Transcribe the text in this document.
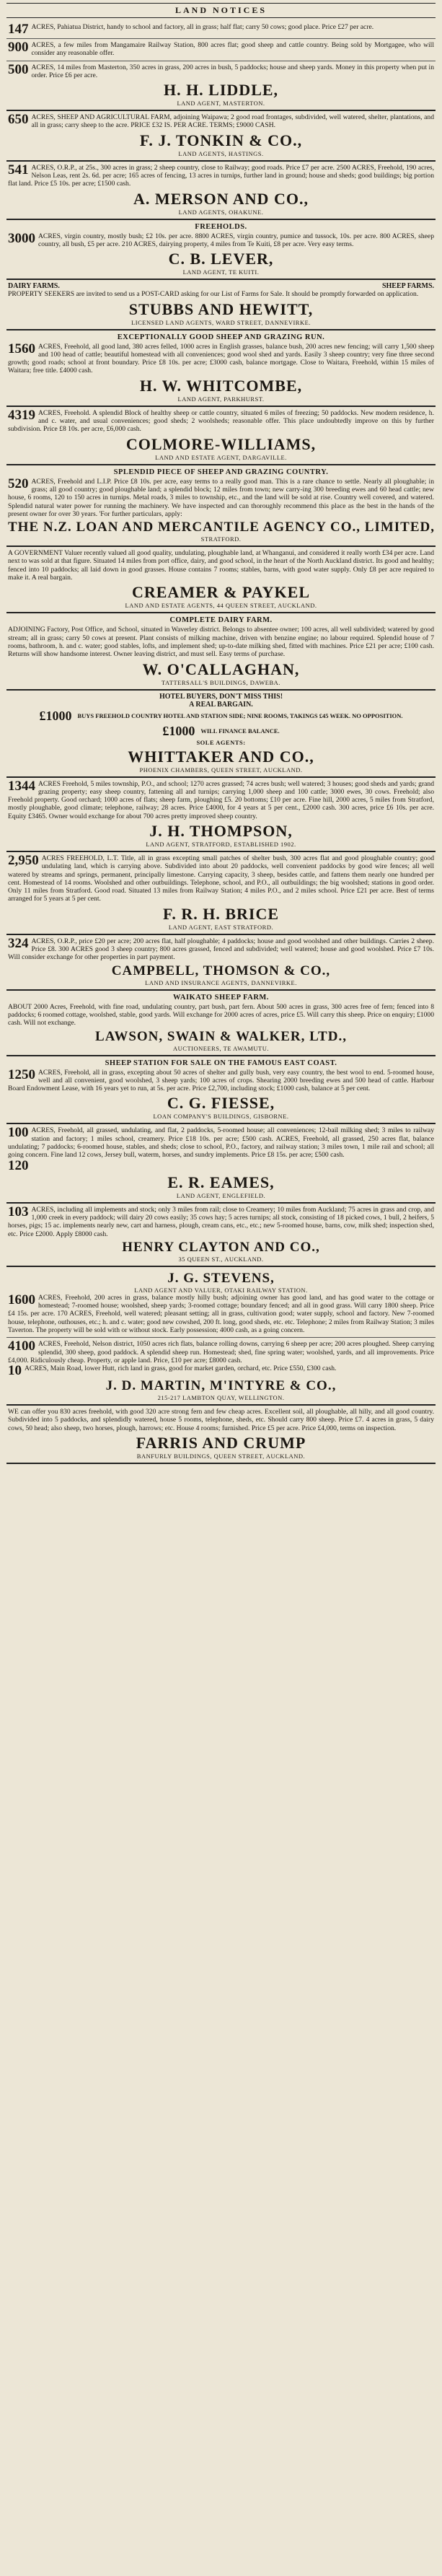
LAND NOTICES
147 ACRES, Pahiatua District, handy to school and factory, all in grass; half flat; carry 50 cows; good place. Price £27 per acre.
900 ACRES, a few miles from Mangamaire Railway Station, 800 acres flat; good sheep and cattle country. Being sold by Mortgagee, who will consider any reasonable offer.
500 ACRES, 14 miles from Masterton, 350 acres in grass, 200 acres in bush, 5 paddocks; house and sheep yards. Money in this property when put in order. Price £6 per acre.
H. H. LIDDLE,
LAND AGENT, MASTERTON.
650 ACRES, SHEEP AND AGRICULTURAL FARM, adjoining Waipawa; 2 good road frontages, subdivided, well watered, shelter, plantations, and all in grass; carry sheep to the acre. PRICE £32 IS. PER ACRE. TERMS; £9000 CASH.
F. J. TONKIN & CO.,
LAND AGENTS, HASTINGS.
541 ACRES, O.R.P., at 25s., 300 acres in grass; 2 sheep country, close to Railway; good roads. Price £7 per acre. 2500 ACRES, Freehold, 190 acres, Nelson Leas, rent 2s. 6d. per acre; 165 acres of fencing, 13 acres in turnips, further land in ground; house and sheds; good buildings; big portion flat land. Price £5 10s. per acre; £1500 cash.
A. MERSON AND CO.,
LAND AGENTS, OHAKUNE.
FREEHOLDS.
3000 ACRES, virgin country, mostly bush; £2 10s. per acre. 8800 ACRES, virgin country, pumice and tussock, 10s. per acre. 800 ACRES, sheep country, all bush, £5 per acre. 210 ACRES, dairying property, 4 miles from Te Kuiti, £8 per acre. Very easy terms.
C. B. LEVER,
LAND AGENT, TE KUITI.
DAIRY FARMS.	SHEEP FARMS.
PROPERTY SEEKERS are invited to send us a POST-CARD asking for our List of Farms for Sale. It should be promptly forwarded on application.
STUBBS AND HEWITT,
LICENSED LAND AGENTS, WARD STREET, DANNEVIRKE.
EXCEPTIONALLY GOOD SHEEP AND GRAZING RUN.
1560 ACRES, Freehold, all good land, 380 acres felled, 1000 acres in English grasses, balance bush, 200 acres new fencing; will carry 1,500 sheep and 100 head of cattle; beautiful homestead with all conveniences; good wool shed and yards. Easily 3 sheep country; very fine three second growth; good roads; school at front boundary. Price £8 10s. per acre; £3000 cash, balance mortgage. Close to Waitara, Freehold, within 15 miles of Waitara; free title. £4000 cash.
H. W. WHITCOMBE,
LAND AGENT, PARKHURST.
4319 ACRES, Freehold. A splendid Block of healthy sheep or cattle country, situated 6 miles of freezing; 50 paddocks. New modern residence, h. and c. water, and usual conveniences; good sheds; 2 woolsheds; reasonable offer. This place undoubtedly improve on this by further subdivision. Price £8 10s. per acre, £6,000 cash.
COLMORE-WILLIAMS,
LAND AND ESTATE AGENT, DARGAVILLE.
SPLENDID PIECE OF SHEEP AND GRAZING COUNTRY.
520 ACRES, Freehold and L.I.P. Price £8 10s. per acre, easy terms to a really good man. This is a rare chance to settle. Nearly all ploughable; in grass; all good country; good ploughable land; a splendid block; 12 miles from town; new carry-ing 300 breeding ewes and 60 head cattle; new house, 6 rooms, 120 to 150 acres in turnips. Metal roads, 3 miles to township, etc., and the land will be sold at rise. Country well covered, and watered. Splendid natural water power for running the machinery. We have inspected and can thoroughly recommend this place as the best in the hands of the present owner for over 30 years. 'For further particulars, apply:
THE N.Z. LOAN AND MERCANTILE AGENCY CO., LIMITED,
STRATFORD.
A GOVERNMENT Valuer recently valued all good quality, undulating, ploughable land, at Whanganui, and considered it really worth £34 per acre. Land next to was sold at that figure. Situated 14 miles from port office, dairy, and good school, in the heart of the North Auckland district. Its good and healthy; fenced into 10 paddocks; all laid down in good grasses. House contains 7 rooms; stables, barns, with good water supply. Only £8 per acre required to make it. A real bargain.
CREAMER & PAYKEL
LAND AND ESTATE AGENTS, 44 QUEEN STREET, AUCKLAND.
COMPLETE DAIRY FARM.
ADJOINING Factory, Post Office, and School, situated in Waverley district. Belongs to absentee owner; 100 acres, all well subdivided; watered by good stream; all in grass; carry 50 cows at present. Plant consists of milking machine, driven with benzine engine; no labour required. Splendid house of 7 rooms, bathroom, h. and c. water; good stables, lofts, and implement shed; up-to-date milking shed, fitted with machines. Price £21 per acre; £100 cash. Returns will show handsome interest. Owner leaving district, and must sell. Easy terms of purchase.
W. O'CALLAGHAN,
TATTERSALL'S BUILDINGS, DAWEBA.
HOTEL BUYERS, DON'T MISS THIS!
A REAL BARGAIN.
£1000 BUYS FREEHOLD COUNTRY HOTEL AND STATION SIDE; NINE ROOMS, TAKINGS £45 WEEK. NO OPPOSITION.
£1000 WILL FINANCE BALANCE.
SOLE AGENTS:
WHITTAKER AND CO.,
PHOENIX CHAMBERS, QUEEN STREET, AUCKLAND.
1344 ACRES Freehold, 5 miles township, P.O., and school; 1270 acres grassed; 74 acres bush; well watered; 3 houses; good sheds and yards; grand grazing property; easy sheep country, fattening all and turnips; carrying 1,000 sheep and 100 cattle; 3000 ewes, 30 cows. Freehold; also Freehold property. Good orchard; 1000 acres of flats; sheep farm, ploughing £5. 20 bottoms; £10 per acre. Fine hill, 2000 acres, 5 miles from Stratford, mostly ploughable, good climate; telephone, railway; 28 acres. Price £4000, for 4 years at 5 per cent., £2000 cash. 300 acres, price £6 10s. per acre. Equity £3465. Owner would exchange for about 700 acres pretty improved sheep country.
J. H. THOMPSON,
LAND AGENT, STRATFORD, ESTABLISHED 1902.
2,950 ACRES FREEHOLD, L.T. Title, all in grass excepting small patches of shelter bush, 300 acres flat and good ploughable country; good undulating land, which is carrying above. Subdivided into about 20 paddocks, well convenient paddocks by good wire fences; all well watered by streams and springs, permanent, principally limestone. Carrying capacity, 3 sheep, besides cattle, and fattens them nearly one hundred per cent. Homestead of 14 rooms. Woolshed and other outbuildings. Telephone, school, and P.O., all outbuildings; the big woolshed; stations in good order. Only 11 miles from Stratford. Good road. Situated 13 miles from Railway Station; 4 miles P.O., and 2 miles school. Price £21 per acre. Best of terms arranged for 5 years at 5 per cent.
F. R. H. BRICE
LAND AGENT, EAST STRATFORD.
324 ACRES, O.R.P., price £20 per acre; 200 acres flat, half ploughable; 4 paddocks; house and good woolshed and other buildings. Carries 2 sheep. Price £8. 300 ACRES good 3 sheep country; 800 acres grassed, fenced and subdivided; well watered; house and good woolshed. Price £7 10s. Will consider exchange for other properties in part payment.
CAMPBELL, THOMSON & CO.,
LAND AND INSURANCE AGENTS, DANNEVIRKE.
WAIKATO SHEEP FARM.
ABOUT 2000 Acres, Freehold, with fine road, undulating country, part bush, part fern. About 500 acres in grass, 300 acres free of fern; fenced into 8 paddocks; 6 roomed cottage, woolshed, stable, good yards. Will exchange for 2000 acres of acres, price £5. Will carry this sheep. Price on enquiry; £1000 cash. Will not exchange.
LAWSON, SWAIN & WALKER, LTD.,
AUCTIONEERS, TE AWAMUTU.
SHEEP STATION FOR SALE ON THE FAMOUS EAST COAST.
1250 ACRES, Freehold, all in grass, excepting about 50 acres of shelter and gully bush, very easy country, the best wool to end. 5-roomed house, well and all convenient, good woolshed, 3 sheep yards; 100 acres of crops. Shearing 2000 breeding ewes and 500 head of cattle. Harbour Board Endowment Lease, with 16 years yet to run, at 5s. per acre. Price £2,700, including stock; £1000 cash, balance at 5 per cent.
C. G. FIESSE,
LOAN COMPANY'S BUILDINGS, GISBORNE.
100 ACRES, Freehold, all grassed, undulating, and flat, 2 paddocks, 5-roomed house; all conveniences; 12-bail milking shed; 3 miles to railway station and factory; 1 miles school, creamery. Price £18 10s. per acre; £500 cash. ACRES, Freehold, all grassed, 250 acres flat, balance undulating; 7 paddocks; 6-roomed house, stables, and sheds; close to school, P.O., factory, and railway station; 3 miles town, 1 mile rail and school; all going concern. Fine land 12 cows, Jersey bull, waterm, horses, and sundry implements. Price £8 15s. per acre; £500 cash.
120
E. R. EAMES,
LAND AGENT, ENGLEFIELD.
103 ACRES, including all implements and stock; only 3 miles from rail; close to Creamery; 10 miles from Auckland; 75 acres in grass and crop, and 1,000 creek in every paddock; will dairy 20 cows easily; 35 cows hay; 5 acres turnips; all stock, consisting of 18 picked cows, 1 bull, 2 heifers, 5 horses, pigs; 15 ac. implements nearly new, cart and harness, plough, cream cans, etc., etc.; new 5-roomed house, barns, cow, milk shed; inspection shed, etc. Price £2000. Apply £8000 cash.
HENRY CLAYTON AND CO.,
35 QUEEN ST., AUCKLAND.
J. G. STEVENS,
LAND AGENT AND VALUER, OTAKI RAILWAY STATION.
1600 ACRES, Freehold, 200 acres in grass, balance mostly hilly bush; adjoining owner has good land, and has good water to the cottage or homestead; 7-roomed house; woolshed, sheep yards; 3-roomed cottage; boundary fenced; and all in good grass. Will carry 1800 sheep. Price £4 15s. per acre. 170 ACRES, Freehold, well watered; pleasant setting; all in grass, cultivation good; water supply, school and factory. New 7-roomed house, telephone, outhouses, etc.; h. and c. water; good new cowshed, 200 ft. long, good sheds, etc. etc. Telephone; 2 miles from Railway Station; 3 miles Taverton. The property will be sold with or without stock. Early possession; 4000 cash, as a going concern.
4100 ACRES, Freehold, Nelson district, 1050 acres rich flats, balance rolling downs, carrying 6 sheep per acre; 200 acres ploughed. Sheep carrying splendid, 300 sheep, good paddock. A splendid sheep run. Homestead; shed, fine spring water; woolshed, yards, and all improvements. Price £4,000. Ridiculously cheap. Property, or apple land. Price, £10 per acre; £8000 cash.
10 ACRES, Main Road, lower Hutt, rich land in grass, good for market garden, orchard, etc. Price £550, £300 cash.
J. D. MARTIN, M'INTYRE & CO.,
215-217 LAMBTON QUAY, WELLINGTON.
WE can offer you 830 acres freehold, with good 320 acre strong fern and few cheap acres. Excellent soil, all ploughable, all hilly, and all good country. Subdivided into 5 paddocks, and splendidly watered, house 5 rooms, telephone, sheds, etc. Should carry 800 sheep. Price £7. 4 acres in grass, 5 dairy cows, 50 head; also sheep, two horses, plough, harrows; etc. House 4 rooms; furnished. Price £5 per acre. Price £4,000, terms on inspection.
FARRIS AND CRUMP
BANFURLY BUILDINGS, QUEEN STREET, AUCKLAND.
